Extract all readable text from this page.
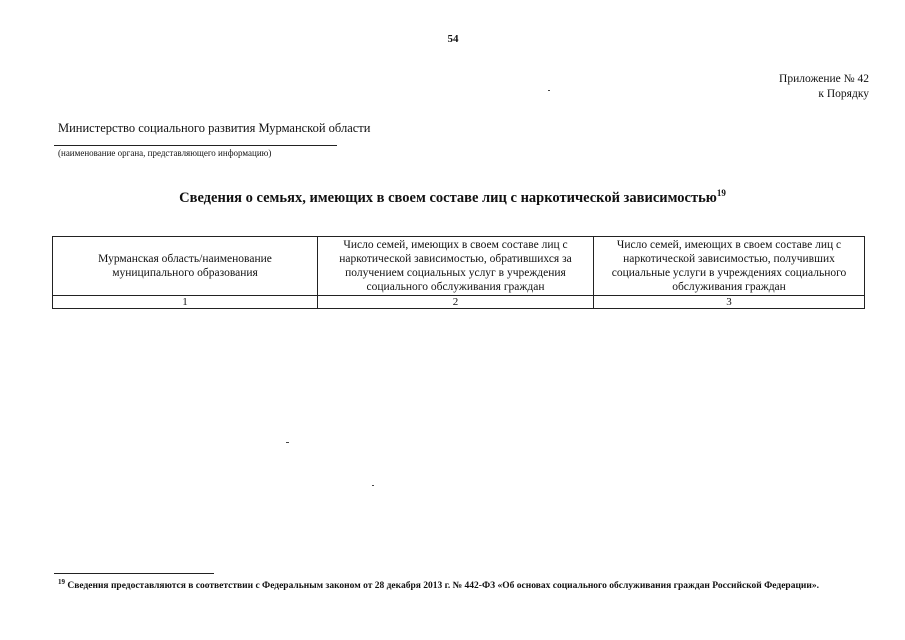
54
Приложение № 42
к Порядку
Министерство социального развития Мурманской области
(наименование органа, представляющего информацию)
Сведения о семьях, имеющих в своем составе лиц с наркотической зависимостью$^{19}$
Мурманская область/наименование муниципального образования	Число семей, имеющих в своем составе лиц с наркотической зависимостью, обратившихся за получением социальных услуг в учреждения социального обслуживания граждан	Число семей, имеющих в своем составе лиц с наркотической зависимостью, получивших социальные услуги в учреждениях социального обслуживания граждан
1	2	3
$^{19}$ Сведения предоставляются в соответствии с Федеральным законом от 28 декабря 2013 г. № 442-ФЗ «Об основах социального обслуживания граждан Российской Федерации».
